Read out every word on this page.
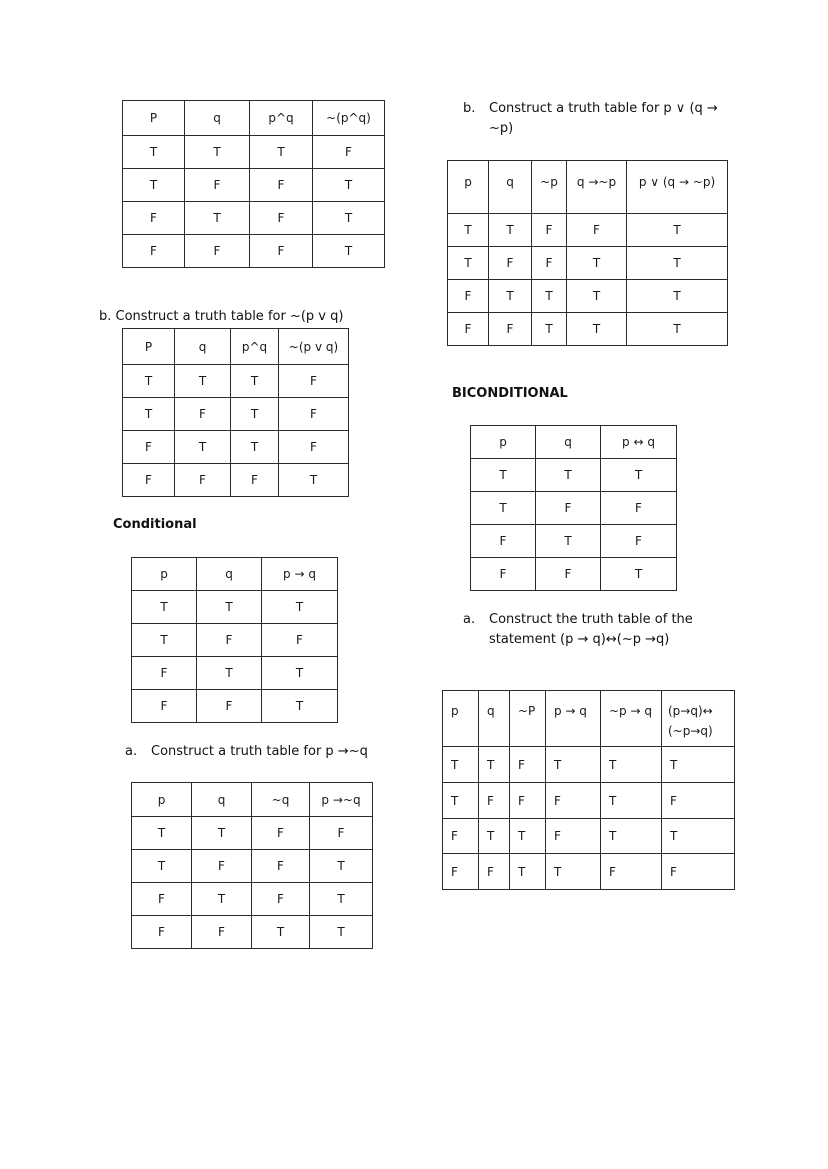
P	q	p^q	~(p^q)
T	T	T	F
T	F	F	T
F	T	F	T
F	F	F	T
b. Construct a truth table for ~(p v q)
P	q	p^q	~(p v q)
T	T	T	F
T	F	T	F
F	T	T	F
F	F	F	T
Conditional
p	q	p → q
T	T	T
T	F	F
F	T	T
F	F	T
a. Construct a truth table for p →~q
p	q	~q	p →~q
T	T	F	F
T	F	F	T
F	T	F	T
F	F	T	T
b. Construct a truth table for p ∨ (q →
~p)
p	q	~p	q →~p	p ∨ (q → ~p)
T	T	F	F	T
T	F	F	T	T
F	T	T	T	T
F	F	T	T	T
BICONDITIONAL
p	q	p ↔ q
T	T	T
T	F	F
F	T	F
F	F	T
a. Construct the truth table of the
statement (p → q)↔(~p →q)
p	q	~P	p → q	~p → q	(p→q)↔
(~p→q)

T	T	F	T	T	T
T	F	F	F	T	F
F	T	T	F	T	T
F	F	T	T	F	F
